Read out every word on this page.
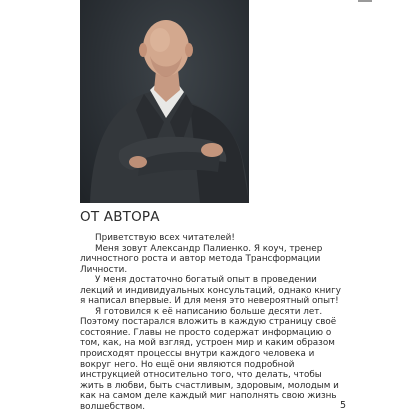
ОТ АВТОРА

Приветствую всех читателей!

Меня зовут Александр Палиенко. Я коуч, тренер личностного роста и автор метода Трансформации Личности.

У меня достаточно богатый опыт в проведении лекций и индивидуальных консультаций, однако книгу я написал впервые. И для меня это невероятный опыт!

Я готовился к её написанию больше десяти лет. Поэтому постарался вложить в каждую страницу своё состояние. Главы не просто содержат информацию о том, как, на мой взгляд, устроен мир и каким образом происходят процессы внутри каждого человека и вокруг него. Но ещё они являются подробной инструкцией относительно того, что делать, чтобы жить в любви, быть счастливым, здоровым, молодым и как на самом деле каждый миг наполнять свою жизнь волшебством.	5
